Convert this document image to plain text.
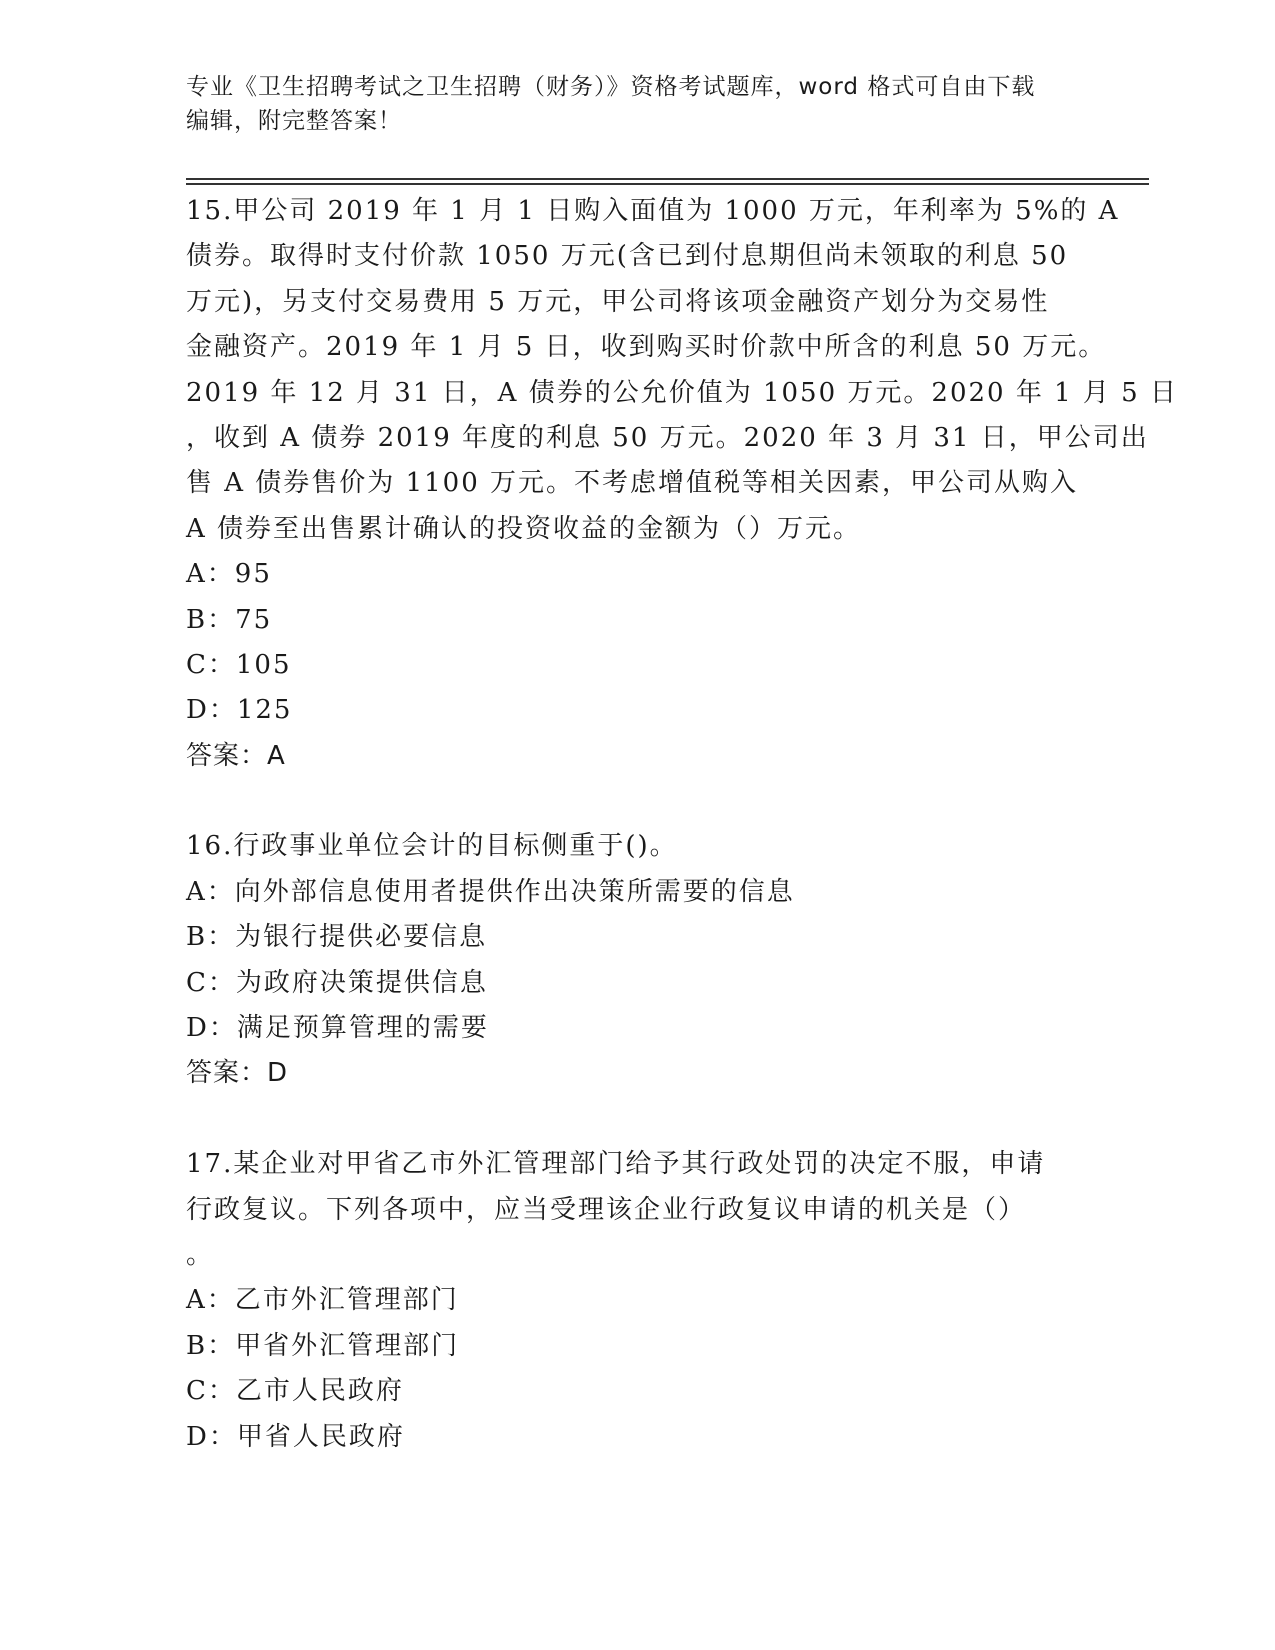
专业《卫生招聘考试之卫生招聘（财务）》资格考试题库，word 格式可自由下载
编辑，附完整答案！
15.甲公司 2019 年 1 月 1 日购入面值为 1000 万元，年利率为 5%的 A
债券。取得时支付价款 1050 万元(含已到付息期但尚未领取的利息 50
万元)，另支付交易费用 5 万元，甲公司将该项金融资产划分为交易性
金融资产。2019 年 1 月 5 日，收到购买时价款中所含的利息 50 万元。
2019 年 12 月 31 日，A 债券的公允价值为 1050 万元。2020 年 1 月 5 日
，收到 A 债券 2019 年度的利息 50 万元。2020 年 3 月 31 日，甲公司出
售 A 债券售价为 1100 万元。不考虑增值税等相关因素，甲公司从购入
A 债券至出售累计确认的投资收益的金额为（）万元。
A：95
B：75
C：105
D：125
答案：A
16.行政事业单位会计的目标侧重于()。
A：向外部信息使用者提供作出决策所需要的信息
B：为银行提供必要信息
C：为政府决策提供信息
D：满足预算管理的需要
答案：D
17.某企业对甲省乙市外汇管理部门给予其行政处罚的决定不服，申请
行政复议。下列各项中，应当受理该企业行政复议申请的机关是（）
。
A：乙市外汇管理部门
B：甲省外汇管理部门
C：乙市人民政府
D：甲省人民政府
